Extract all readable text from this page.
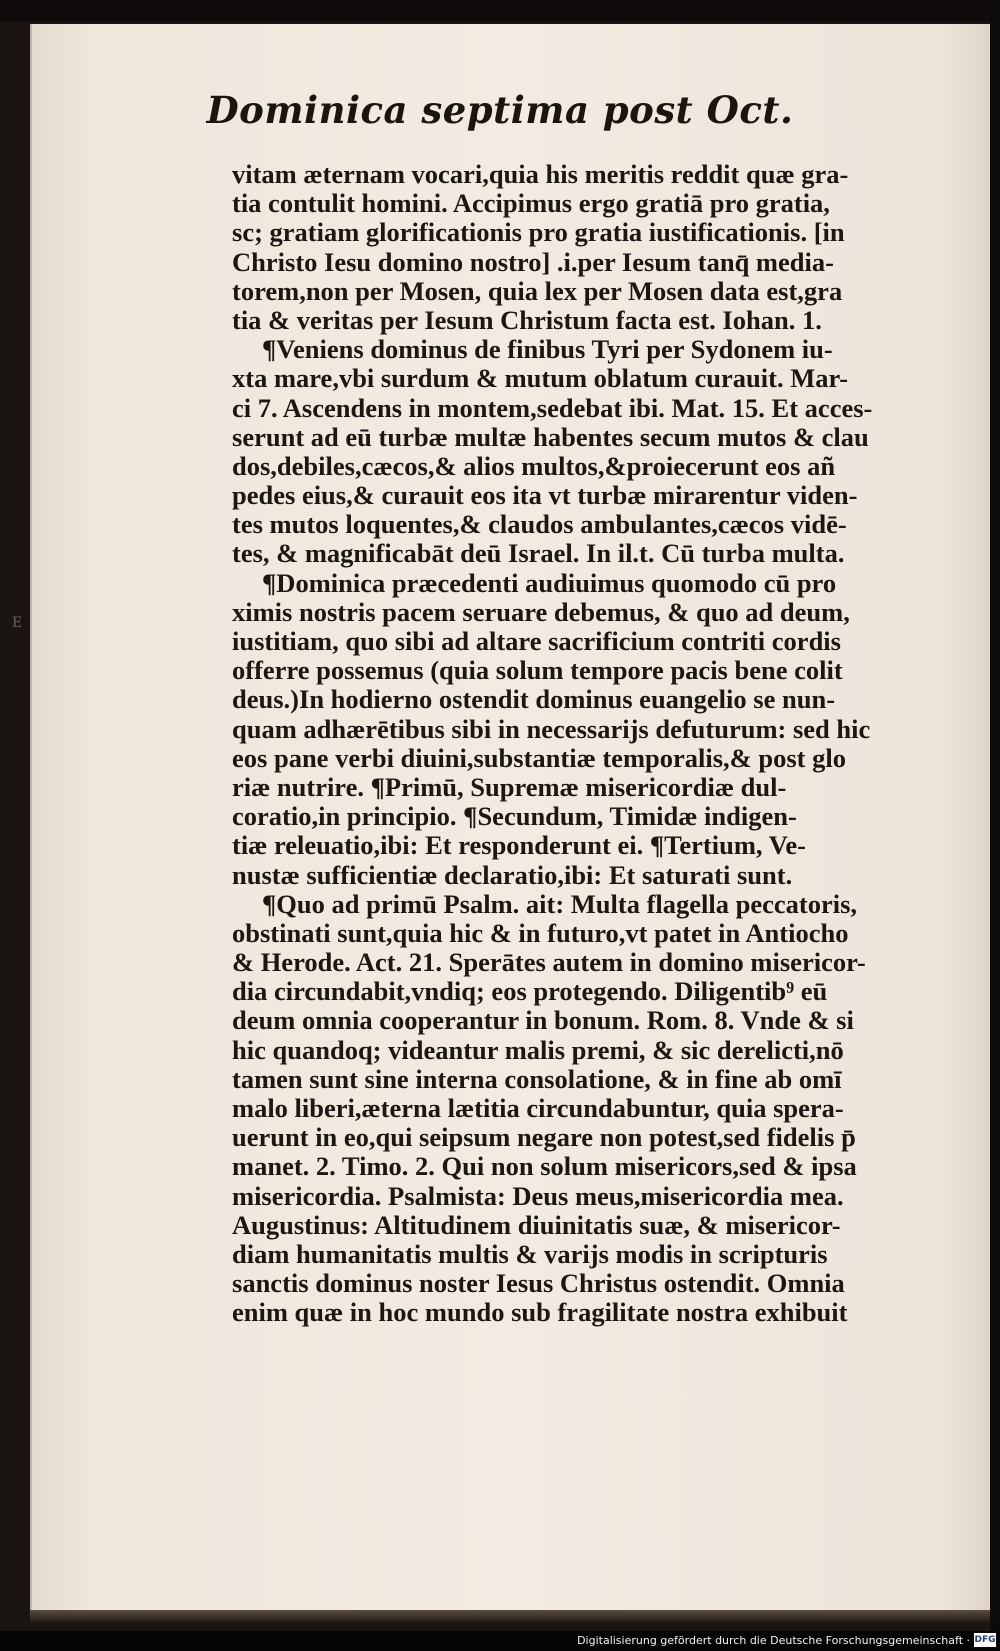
E
Dominica septima post Oct.
vitam æternam vocari,quia his meritis reddit quæ gra-
tia contulit homini. Accipimus ergo gratiā pro gratia,
sc; gratiam glorificationis pro gratia iustificationis. [in
Christo Iesu domino nostro] .i.per Iesum tanq̄ media-
torem,non per Mosen, quia lex per Mosen data est,gra
tia & veritas per Iesum Christum facta est. Iohan. 1.
¶Veniens dominus de finibus Tyri per Sydonem iu-
xta mare,vbi surdum & mutum oblatum curauit. Mar-
ci 7. Ascendens in montem,sedebat ibi. Mat. 15. Et acces-
serunt ad eū turbæ multæ habentes secum mutos & clau
dos,debiles,cæcos,& alios multos,&proiecerunt eos añ
pedes eius,& curauit eos ita vt turbæ mirarentur viden-
tes mutos loquentes,& claudos ambulantes,cæcos vidē-
tes, & magnificabāt deū Israel. In il.t. Cū turba multa.
¶Dominica præcedenti audiuimus quomodo cū pro
ximis nostris pacem seruare debemus, & quo ad deum,
iustitiam, quo sibi ad altare sacrificium contriti cordis
offerre possemus (quia solum tempore pacis bene colit
deus.)In hodierno ostendit dominus euangelio se nun-
quam adhærētibus sibi in necessarijs defuturum: sed hic
eos pane verbi diuini,substantiæ temporalis,& post glo
riæ nutrire. ¶Primū, Supremæ misericordiæ dul-
coratio,in principio. ¶Secundum, Timidæ indigen-
tiæ releuatio,ibi: Et responderunt ei. ¶Tertium, Ve-
nustæ sufficientiæ declaratio,ibi: Et saturati sunt.
¶Quo ad primū Psalm. ait: Multa flagella peccatoris,
obstinati sunt,quia hic & in futuro,vt patet in Antiocho
& Herode. Act. 21. Sperātes autem in domino misericor-
dia circundabit,vndiq; eos protegendo. Diligentib⁹ eū
deum omnia cooperantur in bonum. Rom. 8. Vnde & si
hic quandoq; videantur malis premi, & sic derelicti,nō
tamen sunt sine interna consolatione, & in fine ab omī
malo liberi,æterna lætitia circundabuntur, quia spera-
uerunt in eo,qui seipsum negare non potest,sed fidelis p̄
manet. 2. Timo. 2. Qui non solum misericors,sed & ipsa
misericordia. Psalmista: Deus meus,misericordia mea.
Augustinus: Altitudinem diuinitatis suæ, & misericor-
diam humanitatis multis & varijs modis in scripturis
sanctis dominus noster Iesus Christus ostendit. Omnia
enim quæ in hoc mundo sub fragilitate nostra exhibuit
Digitalisierung gefördert durch die Deutsche Forschungsgemeinschaft · DFG
